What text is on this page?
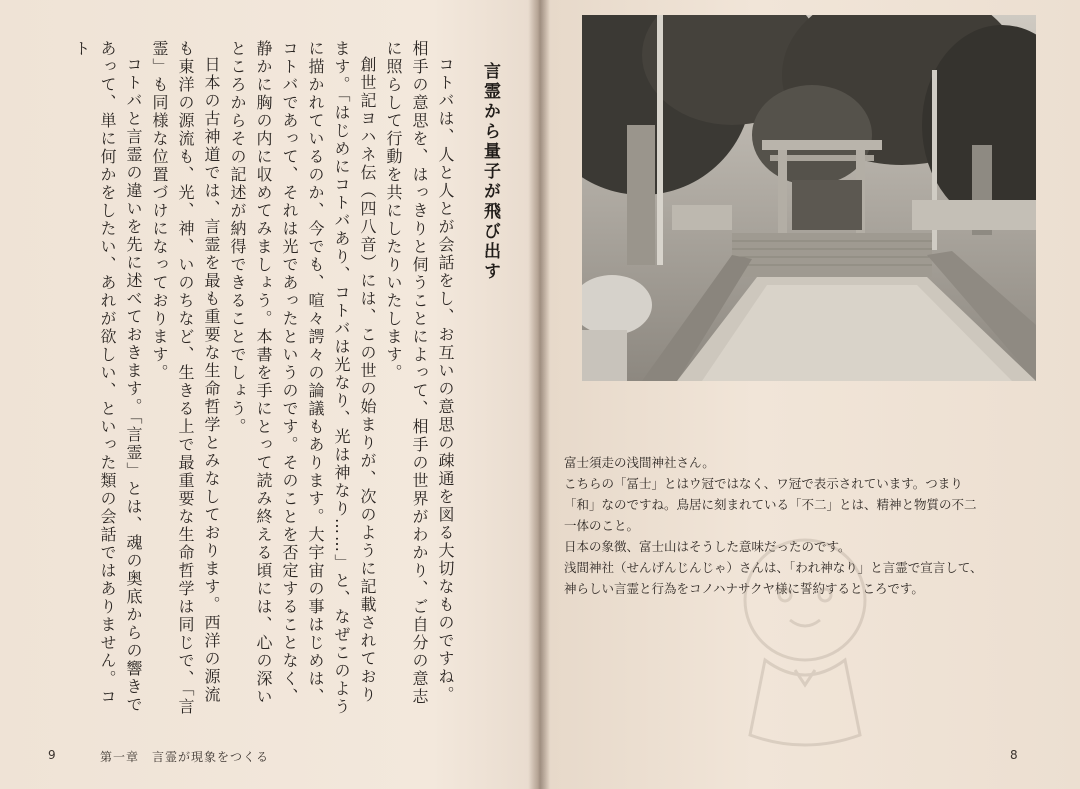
コトバは、人と人とが会話をし、お互いの意思の疎通を図る大切なものですね。相手の意思を、はっきりと伺うことによって、相手の世界がわかり、ご自分の意志に照らして行動を共にしたりいたします。

創世記ヨハネ伝（四八音）には、この世の始まりが、次のように記載されております。「はじめにコトバあり、コトバは光なり、光は神なり……」と、なぜこのように描かれているのか、今でも、喧々諤々の論議もあります。大宇宙の事はじめは、コトバであって、それは光であったというのです。そのことを否定することなく、静かに胸の内に収めてみましょう。本書を手にとって読み終える頃には、心の深いところからその記述が納得できることでしょう。

日本の古神道では、言霊を最も重要な生命哲学とみなしております。西洋の源流も東洋の源流も、光、神、いのちなど、生きる上で最重要な生命哲学は同じで、「言霊」も同様な位置づけになっております。

コトバと言霊の違いを先に述べておきます。「言霊」とは、魂の奥底からの響きであって、単に何かをしたい、あれが欲しい、といった類の会話ではありません。コト

言霊から量子が飛び出す
9	第一章　言霊が現象をつくる
富士須走の浅間神社さん。
こちらの「冨士」とはウ冠ではなく、ワ冠で表示されています。つまり
「和」なのですね。鳥居に刻まれている「不二」とは、精神と物質の不二
一体のこと。
日本の象徴、富士山はそうした意味だったのです。
浅間神社（せんげんじんじゃ）さんは、「われ神なり」と言霊で宣言して、
神らしい言霊と行為をコノハナサクヤ様に誓約するところです。
8
